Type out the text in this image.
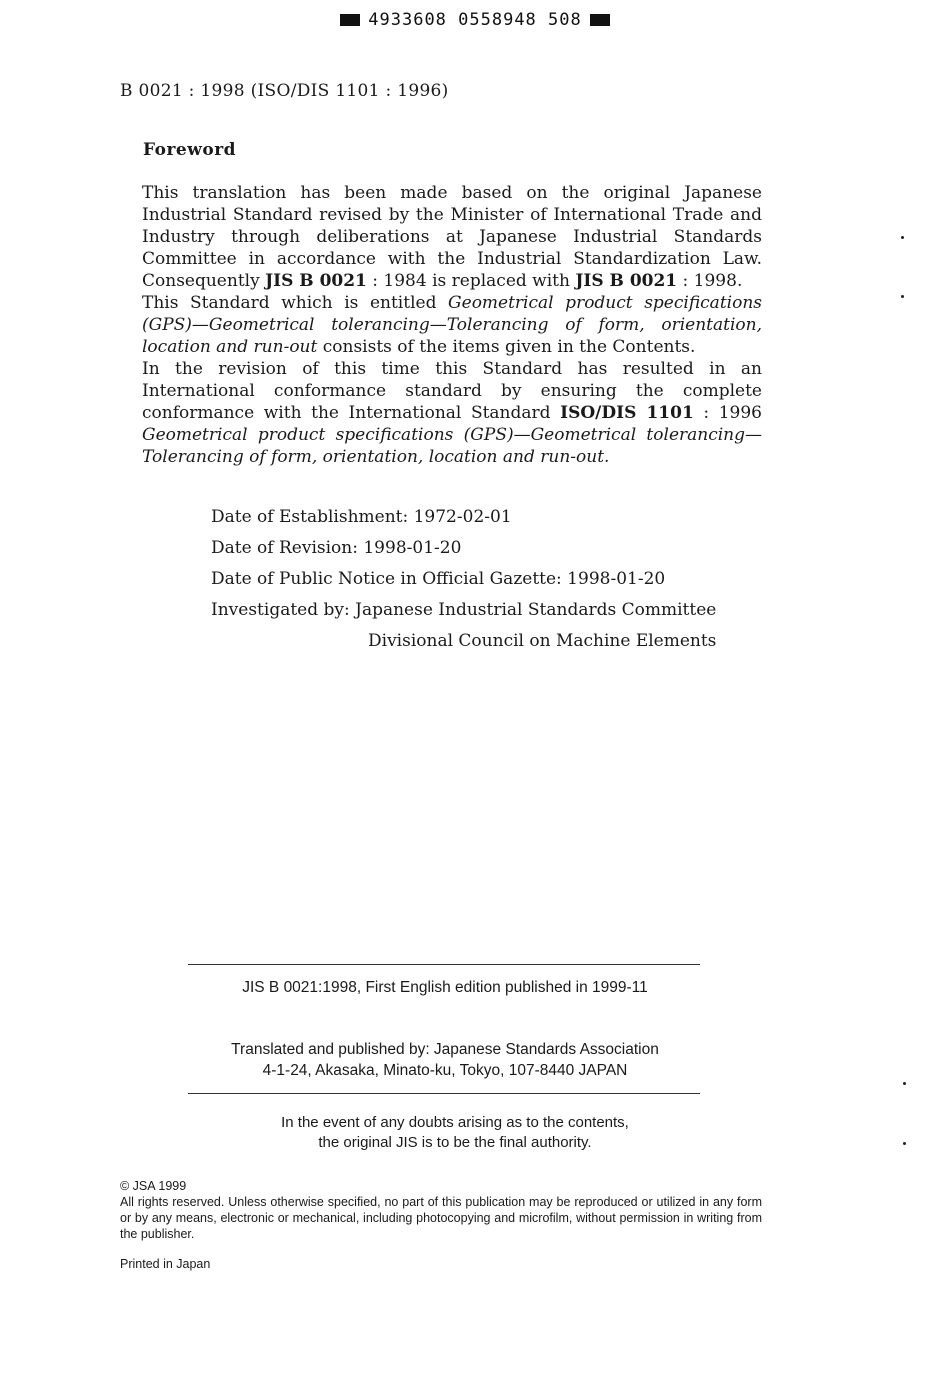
4933608 0558948 508
B 0021 : 1998 (ISO/DIS 1101 : 1996)
Foreword

This translation has been made based on the original Japanese Industrial Standard revised by the Minister of International Trade and Industry through deliberations at Japanese Industrial Standards Committee in accordance with the Industrial Standardization Law. Consequently JIS B 0021 : 1984 is replaced with JIS B 0021 : 1998.

This Standard which is entitled Geometrical product specifications (GPS)—Geometrical tolerancing—Tolerancing of form, orientation, location and run-out consists of the items given in the Contents.

In the revision of this time this Standard has resulted in an International conformance standard by ensuring the complete conformance with the International Standard ISO/DIS 1101 : 1996 Geometrical product specifications (GPS)—Geometrical tolerancing—Tolerancing of form, orientation, location and run-out.

Date of Establishment: 1972-02-01
Date of Revision: 1998-01-20
Date of Public Notice in Official Gazette: 1998-01-20
Investigated by: Japanese Industrial Standards Committee
Divisional Council on Machine Elements
JIS B 0021:1998, First English edition published in 1999-11
Translated and published by: Japanese Standards Association
4-1-24, Akasaka, Minato-ku, Tokyo, 107-8440 JAPAN
In the event of any doubts arising as to the contents,
the original JIS is to be the final authority.
© JSA 1999
All rights reserved. Unless otherwise specified, no part of this publication may be reproduced or utilized in any form or by any means, electronic or mechanical, including photocopying and microfilm, without permission in writing from the publisher.
Printed in Japan
